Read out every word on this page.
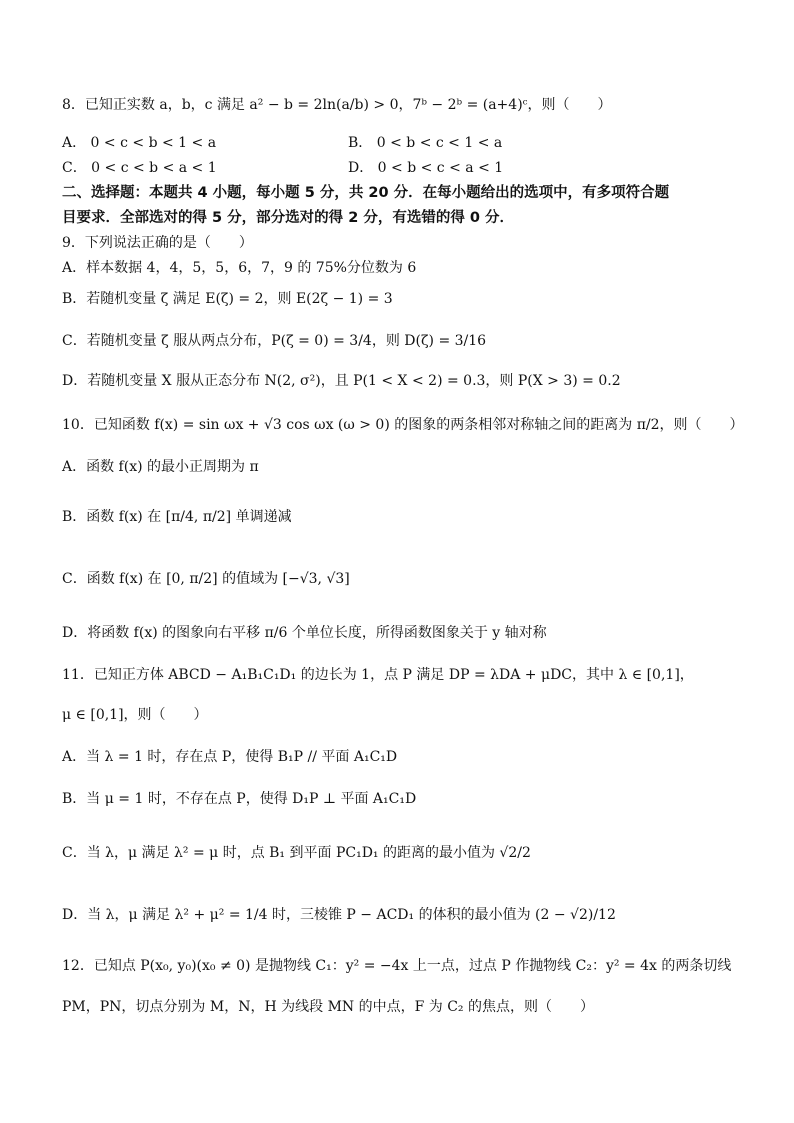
8．已知正实数 a，b，c 满足 a² − b = 2ln(a/b) > 0，7ᵇ − 2ᵇ = (a+4)ᶜ，则（　　）
A． 0 < c < b < 1 < a	B． 0 < b < c < 1 < a
C． 0 < c < b < a < 1	D． 0 < b < c < a < 1
二、选择题：本题共 4 小题，每小题 5 分，共 20 分．在每小题给出的选项中，有多项符合题
目要求．全部选对的得 5 分，部分选对的得 2 分，有选错的得 0 分．
9．下列说法正确的是（　　）
A．样本数据 4，4，5，5，6，7，9 的 75%分位数为 6
B．若随机变量 ζ 满足 E(ζ) = 2，则 E(2ζ − 1) = 3
C．若随机变量 ζ 服从两点分布，P(ζ = 0) = 3/4，则 D(ζ) = 3/16
D．若随机变量 X 服从正态分布 N(2, σ²)，且 P(1 < X < 2) = 0.3，则 P(X > 3) = 0.2
10．已知函数 f(x) = sin ωx + √3 cos ωx (ω > 0) 的图象的两条相邻对称轴之间的距离为 π/2，则（　　）
A．函数 f(x) 的最小正周期为 π
B．函数 f(x) 在 [π/4, π/2] 单调递减
C．函数 f(x) 在 [0, π/2] 的值域为 [−√3, √3]
D．将函数 f(x) 的图象向右平移 π/6 个单位长度，所得函数图象关于 y 轴对称
11．已知正方体 ABCD − A₁B₁C₁D₁ 的边长为 1，点 P 满足 DP = λDA + μDC，其中 λ ∈ [0,1]，
μ ∈ [0,1]，则（　　）
A．当 λ = 1 时，存在点 P，使得 B₁P // 平面 A₁C₁D
B．当 μ = 1 时，不存在点 P，使得 D₁P ⊥ 平面 A₁C₁D
C．当 λ，μ 满足 λ² = μ 时，点 B₁ 到平面 PC₁D₁ 的距离的最小值为 √2/2
D．当 λ，μ 满足 λ² + μ² = 1/4 时，三棱锥 P − ACD₁ 的体积的最小值为 (2 − √2)/12
12．已知点 P(x₀, y₀)(x₀ ≠ 0) 是抛物线 C₁：y² = −4x 上一点，过点 P 作抛物线 C₂：y² = 4x 的两条切线
PM，PN，切点分别为 M，N，H 为线段 MN 的中点，F 为 C₂ 的焦点，则（　　）
